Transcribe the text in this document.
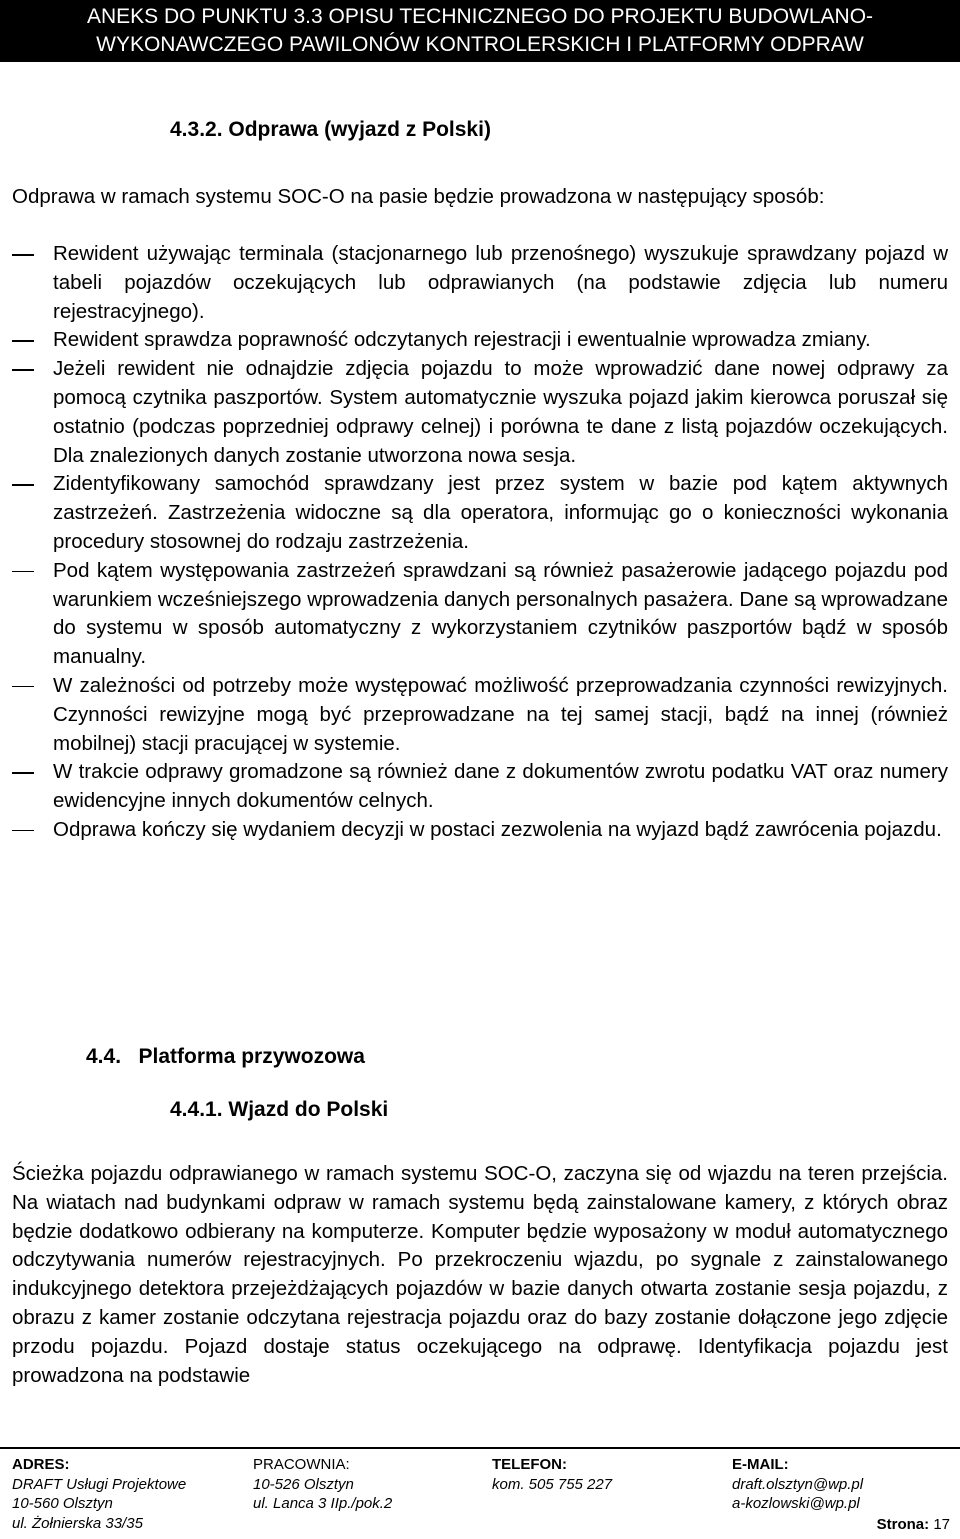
ANEKS DO PUNKTU 3.3 OPISU TECHNICZNEGO DO PROJEKTU BUDOWLANO-
WYKONAWCZEGO PAWILONÓW KONTROLERSKICH I PLATFORMY ODPRAW
4.3.2. Odprawa (wyjazd z Polski)
Odprawa w ramach systemu SOC-O na pasie będzie prowadzona w następujący sposób:
Rewident używając terminala (stacjonarnego lub przenośnego) wyszukuje sprawdzany pojazd w tabeli pojazdów oczekujących lub odprawianych (na podstawie zdjęcia lub numeru rejestracyjnego).
Rewident sprawdza poprawność odczytanych rejestracji i ewentualnie wprowadza zmiany.
Jeżeli rewident nie odnajdzie zdjęcia pojazdu to może wprowadzić dane nowej odprawy za pomocą czytnika paszportów. System automatycznie wyszuka pojazd jakim kierowca poruszał się ostatnio (podczas poprzedniej odprawy celnej) i porówna te dane z listą pojazdów oczekujących. Dla znalezionych danych zostanie utworzona nowa sesja.
Zidentyfikowany samochód sprawdzany jest przez system w bazie pod kątem aktywnych zastrzeżeń. Zastrzeżenia widoczne są dla operatora, informując go o konieczności wykonania procedury stosownej do rodzaju zastrzeżenia.
Pod kątem występowania zastrzeżeń sprawdzani są również pasażerowie jadącego pojazdu pod warunkiem wcześniejszego wprowadzenia danych personalnych pasażera. Dane są wprowadzane do systemu w sposób automatyczny z wykorzystaniem czytników paszportów bądź w sposób manualny.
W zależności od potrzeby może występować możliwość przeprowadzania czynności rewizyjnych. Czynności rewizyjne mogą być przeprowadzane na tej samej stacji, bądź na innej (również mobilnej) stacji pracującej w systemie.
W trakcie odprawy gromadzone są również dane z dokumentów zwrotu podatku VAT oraz numery ewidencyjne innych dokumentów celnych.
Odprawa kończy się wydaniem decyzji w postaci zezwolenia na wyjazd bądź zawrócenia pojazdu.
4.4.   Platforma przywozowa
4.4.1. Wjazd do Polski
Ścieżka pojazdu odprawianego w ramach systemu SOC-O, zaczyna się od wjazdu na teren przejścia. Na wiatach nad budynkami odpraw w ramach systemu będą zainstalowane kamery, z których obraz będzie dodatkowo odbierany na komputerze. Komputer będzie wyposażony w moduł automatycznego odczytywania numerów rejestracyjnych. Po przekroczeniu wjazdu, po sygnale z zainstalowanego indukcyjnego detektora przejeżdżających pojazdów w bazie danych otwarta zostanie sesja pojazdu, z obrazu z kamer zostanie odczytana rejestracja pojazdu oraz do bazy zostanie dołączone jego zdjęcie przodu pojazdu. Pojazd dostaje status oczekującego na odprawę. Identyfikacja pojazdu jest prowadzona na podstawie
ADRES:
DRAFT Usługi Projektowe
10-560 Olsztyn
ul. Żołnierska 33/35
PRACOWNIA:
10-526 Olsztyn
ul. Lanca 3 IIp./pok.2
TELEFON:
kom. 505 755 227
E-MAIL:
draft.olsztyn@wp.pl
a-kozlowski@wp.pl
Strona: 17
